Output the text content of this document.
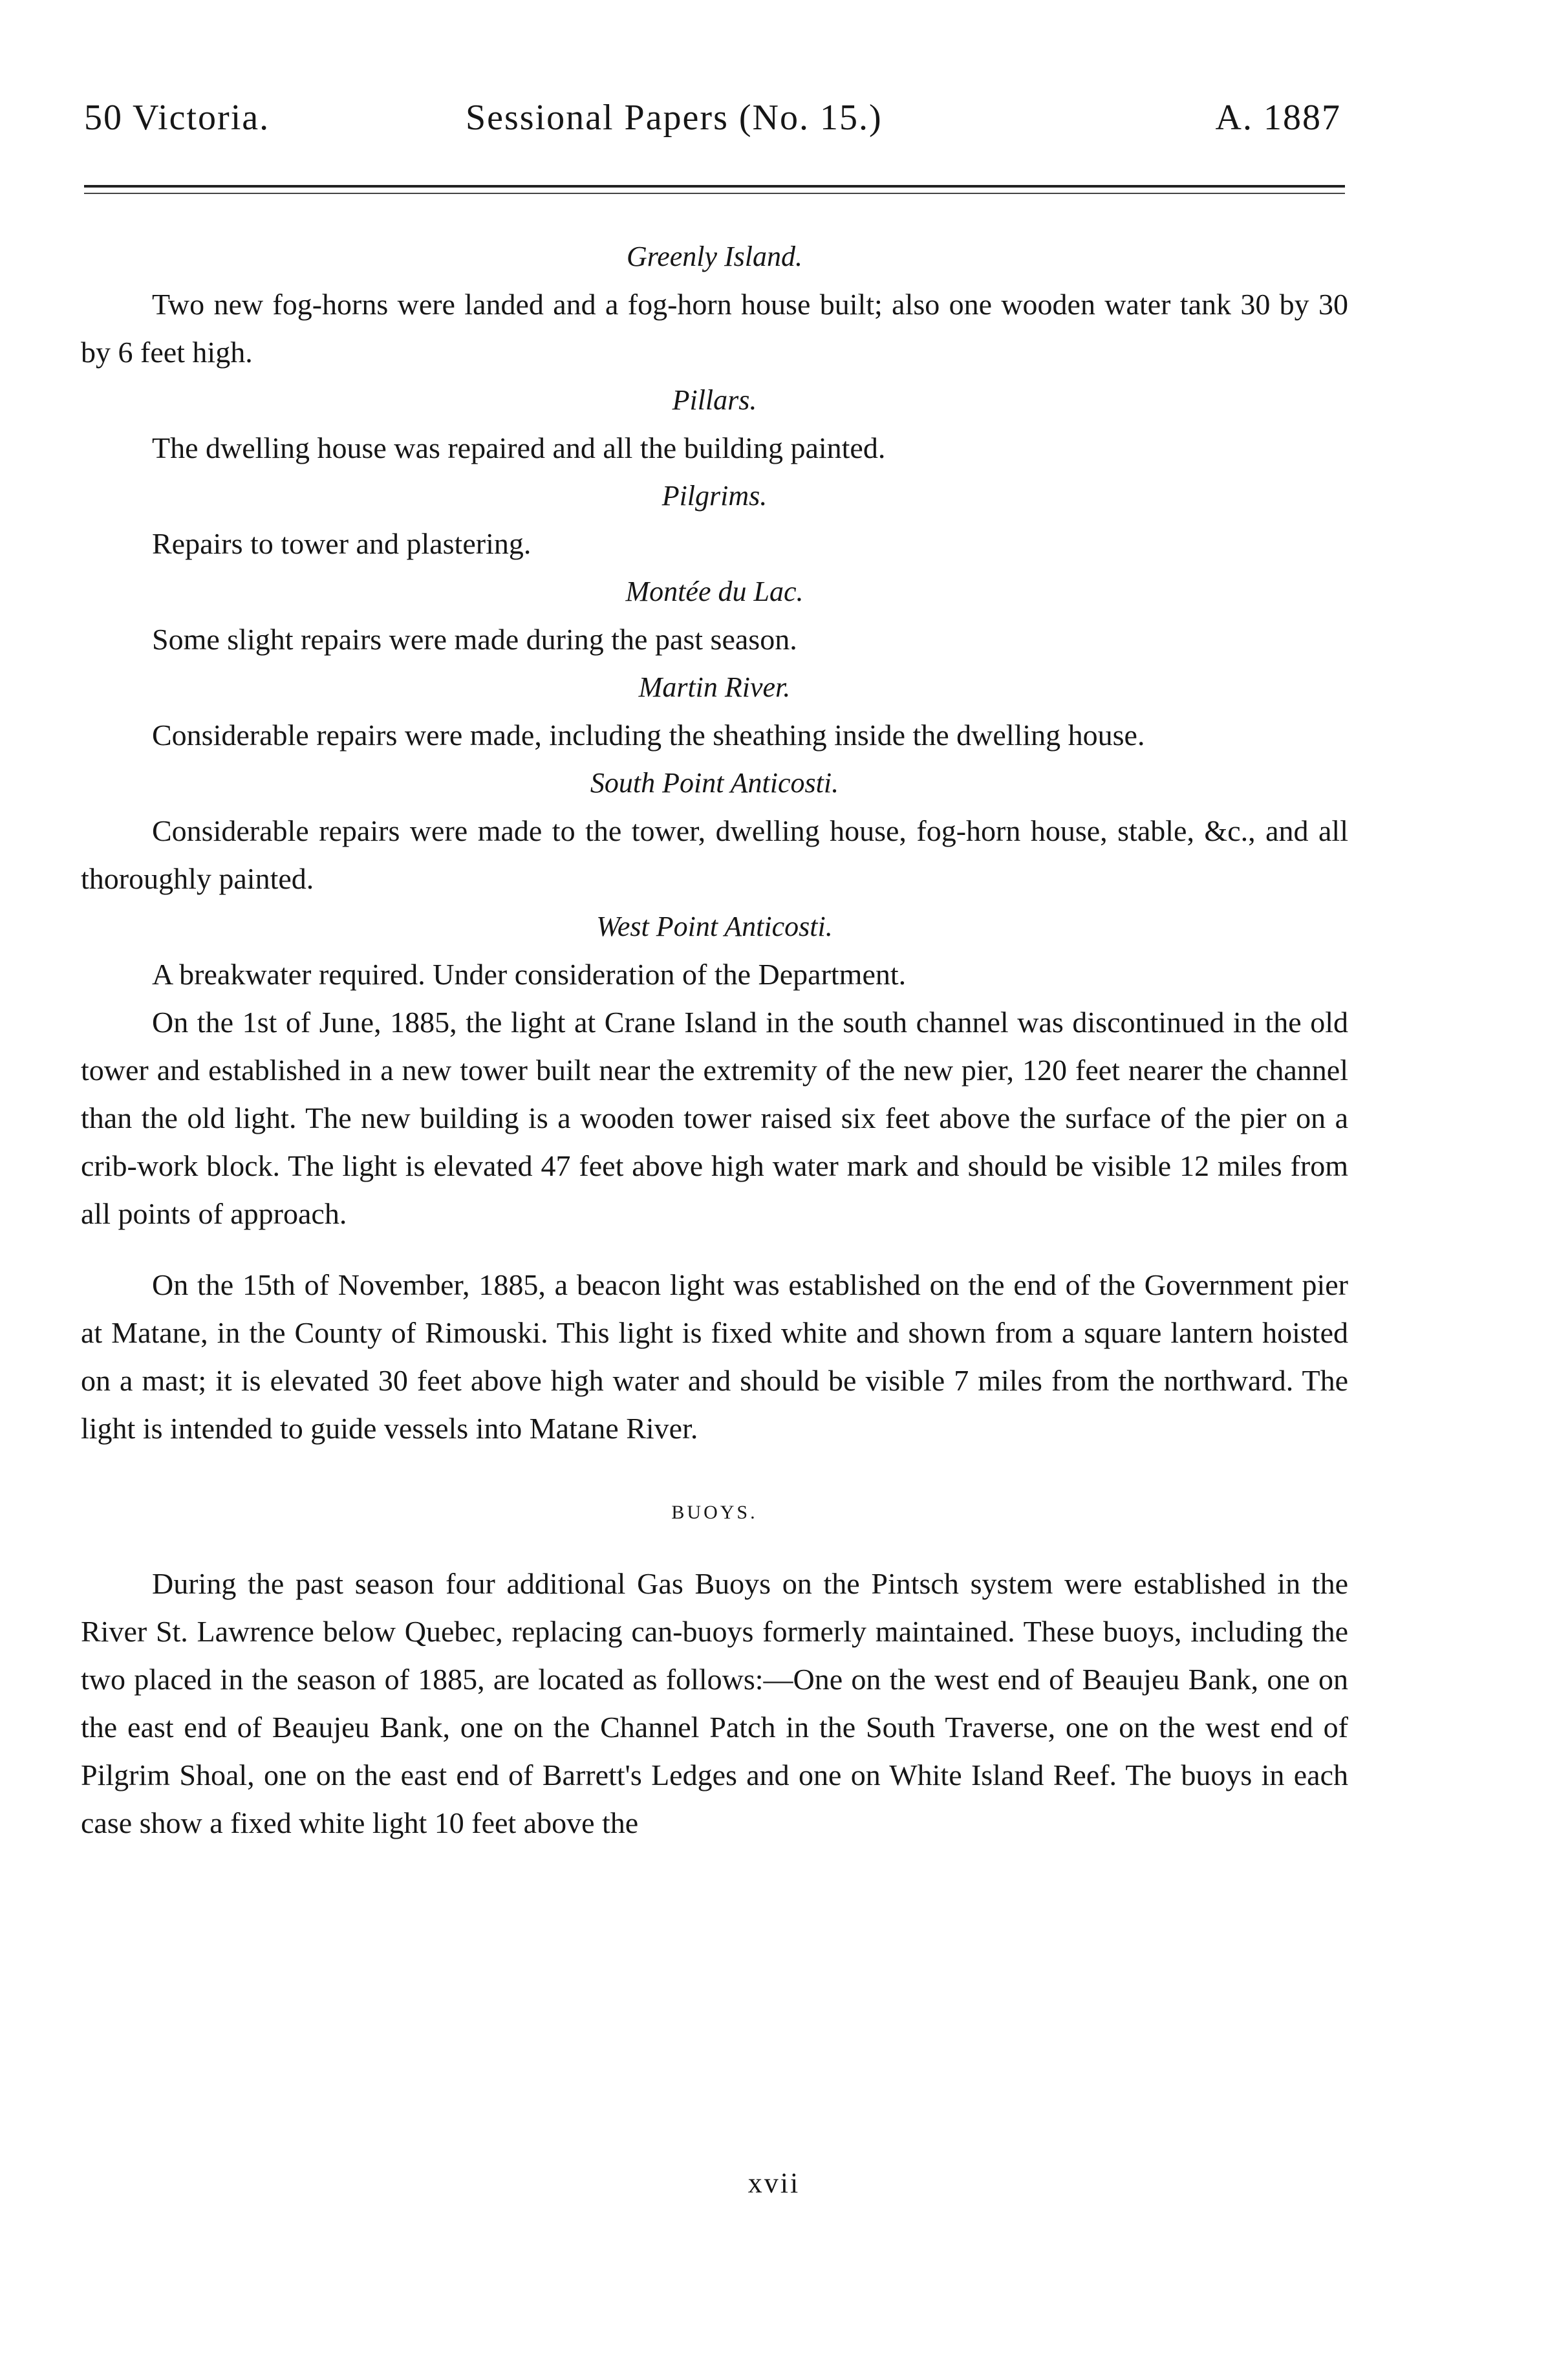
50 Victoria.	Sessional Papers (No. 15.)	A. 1887

Greenly Island.

Two new fog-horns were landed and a fog-horn house built; also one wooden water tank 30 by 30 by 6 feet high.

Pillars.

The dwelling house was repaired and all the building painted.

Pilgrims.

Repairs to tower and plastering.

Montée du Lac.

Some slight repairs were made during the past season.

Martin River.

Considerable repairs were made, including the sheathing inside the dwelling house.

South Point Anticosti.

Considerable repairs were made to the tower, dwelling house, fog-horn house, stable, &c., and all thoroughly painted.

West Point Anticosti.

A breakwater required. Under consideration of the Department.

On the 1st of June, 1885, the light at Crane Island in the south channel was discontinued in the old tower and established in a new tower built near the extremity of the new pier, 120 feet nearer the channel than the old light. The new building is a wooden tower raised six feet above the surface of the pier on a crib-work block. The light is elevated 47 feet above high water mark and should be visible 12 miles from all points of approach.

On the 15th of November, 1885, a beacon light was established on the end of the Government pier at Matane, in the County of Rimouski. This light is fixed white and shown from a square lantern hoisted on a mast; it is elevated 30 feet above high water and should be visible 7 miles from the northward. The light is intended to guide vessels into Matane River.

BUOYS.

During the past season four additional Gas Buoys on the Pintsch system were established in the River St. Lawrence below Quebec, replacing can-buoys formerly maintained. These buoys, including the two placed in the season of 1885, are located as follows:—One on the west end of Beaujeu Bank, one on the east end of Beaujeu Bank, one on the Channel Patch in the South Traverse, one on the west end of Pilgrim Shoal, one on the east end of Barrett's Ledges and one on White Island Reef. The buoys in each case show a fixed white light 10 feet above the

xvii
